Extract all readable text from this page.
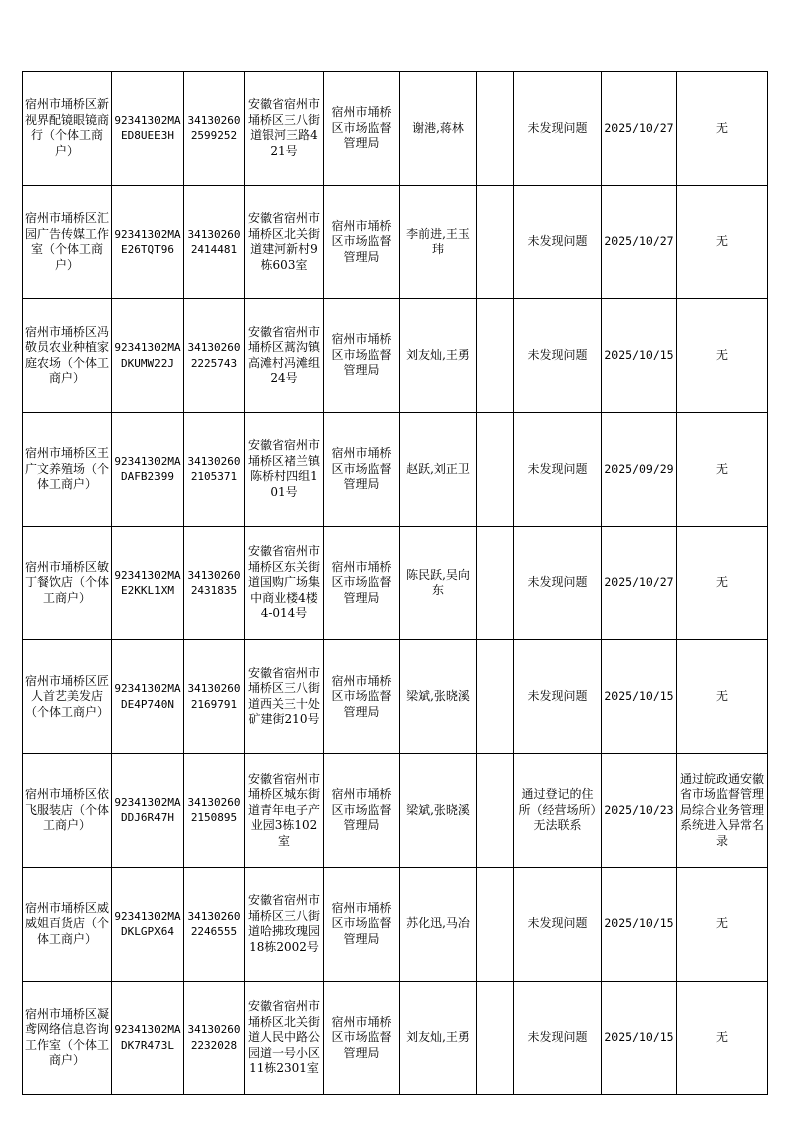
宿州市埇桥区新视界配镜眼镜商行（个体工商户）	92341302MAED8UEE3H	341302602599252	安徽省宿州市埇桥区三八街道银河三路421号	宿州市埇桥区市场监督管理局	谢港,蒋林		未发现问题	2025/10/27	无
宿州市埇桥区汇园广告传媒工作室（个体工商户）	92341302MAE26TQT96	341302602414481	安徽省宿州市埇桥区北关街道建河新村9栋603室	宿州市埇桥区市场监督管理局	李前进,王玉玮		未发现问题	2025/10/27	无
宿州市埇桥区冯敬员农业种植家庭农场（个体工商户）	92341302MADKUMW22J	341302602225743	安徽省宿州市埇桥区蒿沟镇高滩村冯滩组24号	宿州市埇桥区市场监督管理局	刘友灿,王勇		未发现问题	2025/10/15	无
宿州市埇桥区王广文养殖场（个体工商户）	92341302MADAFB2399	341302602105371	安徽省宿州市埇桥区褚兰镇陈桥村四组101号	宿州市埇桥区市场监督管理局	赵跃,刘正卫		未发现问题	2025/09/29	无
宿州市埇桥区敏丁餐饮店（个体工商户）	92341302MAE2KKL1XM	341302602431835	安徽省宿州市埇桥区东关街道国购广场集中商业楼4楼4-014号	宿州市埇桥区市场监督管理局	陈民跃,吴向东		未发现问题	2025/10/27	无
宿州市埇桥区匠人首艺美发店（个体工商户）	92341302MADE4P740N	341302602169791	安徽省宿州市埇桥区三八街道西关三十处矿建街210号	宿州市埇桥区市场监督管理局	梁斌,张晓溪		未发现问题	2025/10/15	无
宿州市埇桥区依飞服装店（个体工商户）	92341302MADDJ6R47H	341302602150895	安徽省宿州市埇桥区城东街道青年电子产业园3栋102室	宿州市埇桥区市场监督管理局	梁斌,张晓溪		通过登记的住所（经营场所）无法联系	2025/10/23	通过皖政通安徽省市场监督管理局综合业务管理系统进入异常名录
宿州市埇桥区威威姐百货店（个体工商户）	92341302MADKLGPX64	341302602246555	安徽省宿州市埇桥区三八街道哈拂玫瑰园18栋2002号	宿州市埇桥区市场监督管理局	苏化迅,马冶		未发现问题	2025/10/15	无
宿州市埇桥区凝鸢网络信息咨询工作室（个体工商户）	92341302MADK7R473L	341302602232028	安徽省宿州市埇桥区北关街道人民中路公园道一号小区11栋2301室	宿州市埇桥区市场监督管理局	刘友灿,王勇		未发现问题	2025/10/15	无
